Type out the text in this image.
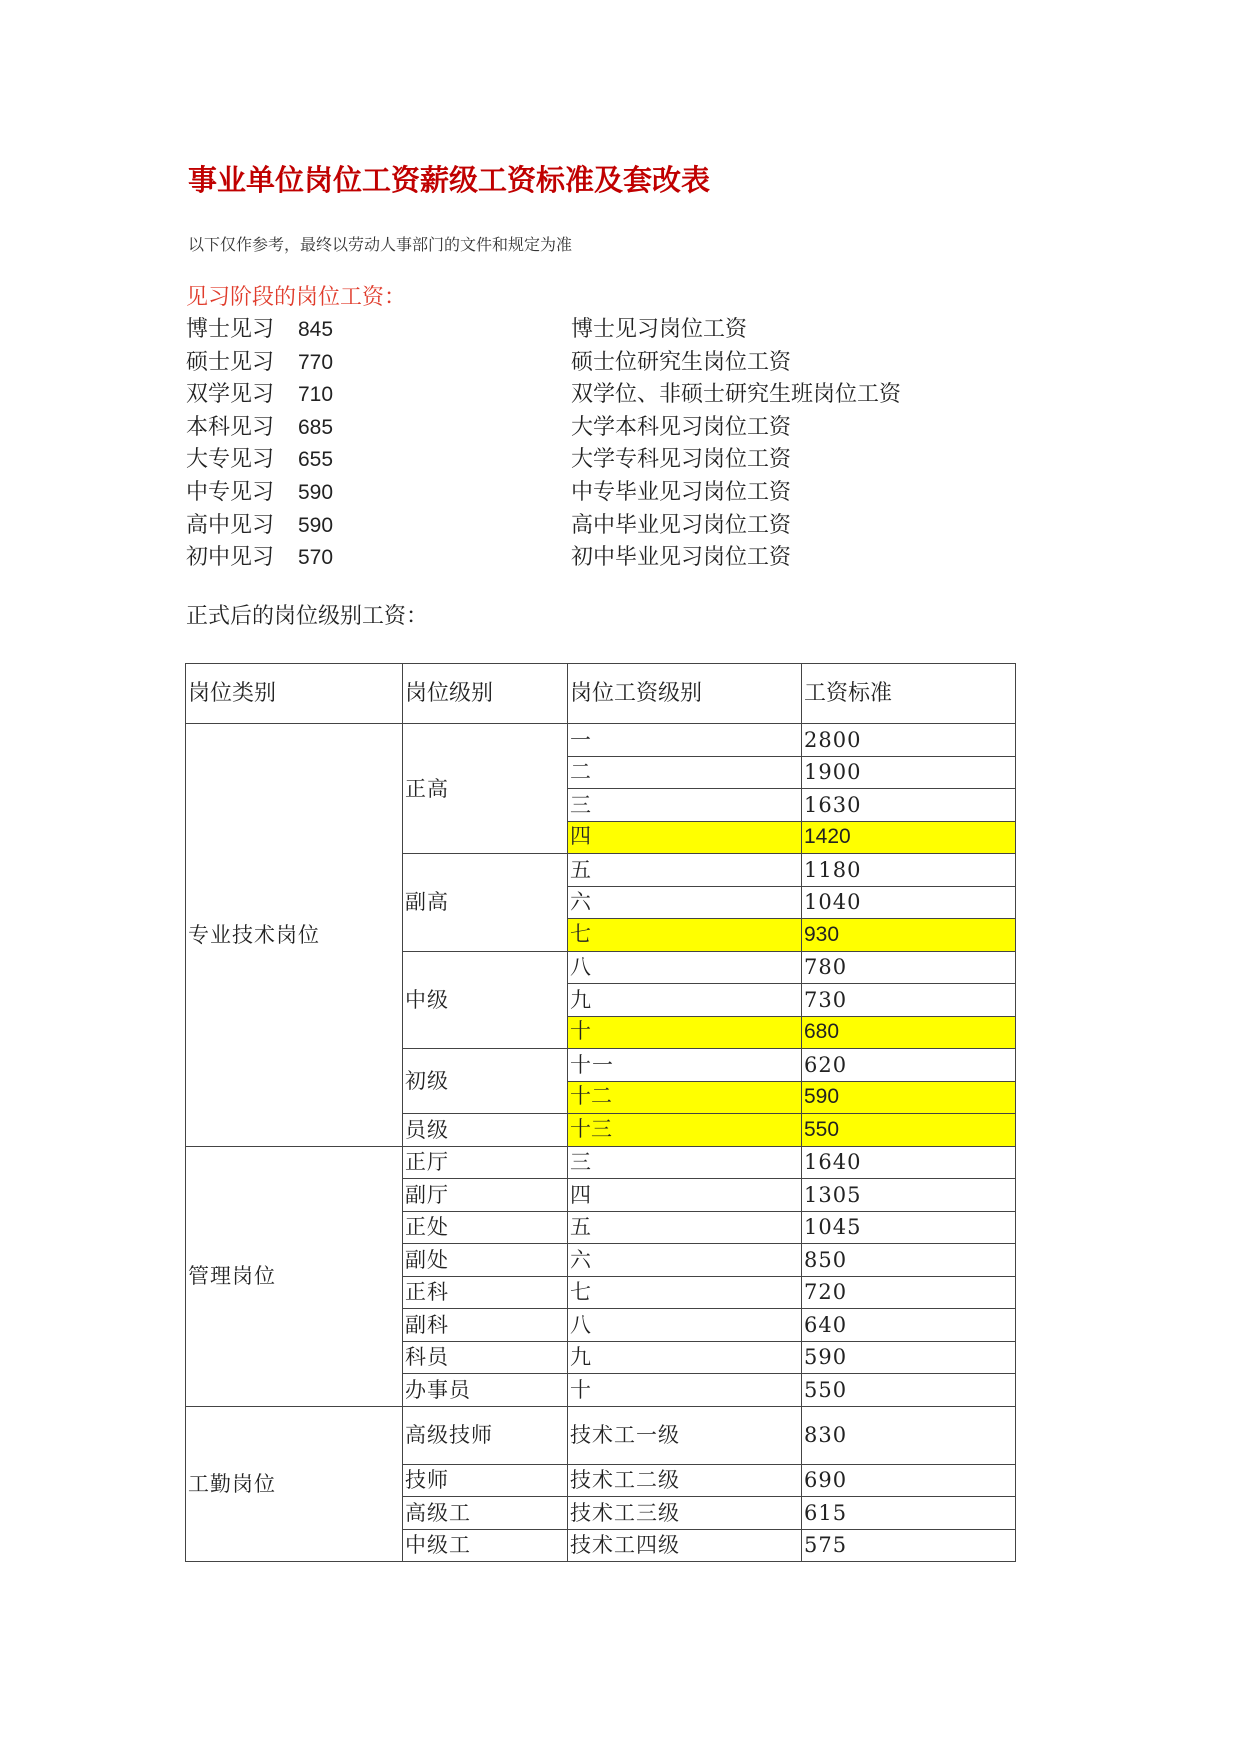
事业单位岗位工资薪级工资标准及套改表
以下仅作参考，最终以劳动人事部门的文件和规定为准
见习阶段的岗位工资：
博士见习 845	博士见习岗位工资
硕士见习 770	硕士位研究生岗位工资
双学见习 710	双学位、非硕士研究生班岗位工资
本科见习 685	大学本科见习岗位工资
大专见习 655	大学专科见习岗位工资
中专见习 590	中专毕业见习岗位工资
高中见习 590	高中毕业见习岗位工资
初中见习 570	初中毕业见习岗位工资
正式后的岗位级别工资：
岗位类别	岗位级别	岗位工资级别	工资标准
专业技术岗位	正高	一	2800
		二	1900
		三	1630
		四	1420
	副高	五	1180
		六	1040
		七	930
	中级	八	780
		九	730
		十	680
	初级	十一	620
		十二	590
	员级	十三	550
管理岗位	正厅	三	1640
	副厅	四	1305
	正处	五	1045
	副处	六	850
	正科	七	720
	副科	八	640
	科员	九	590
	办事员	十	550
工勤岗位	高级技师	技术工一级	830
	技师	技术工二级	690
	高级工	技术工三级	615
	中级工	技术工四级	575
